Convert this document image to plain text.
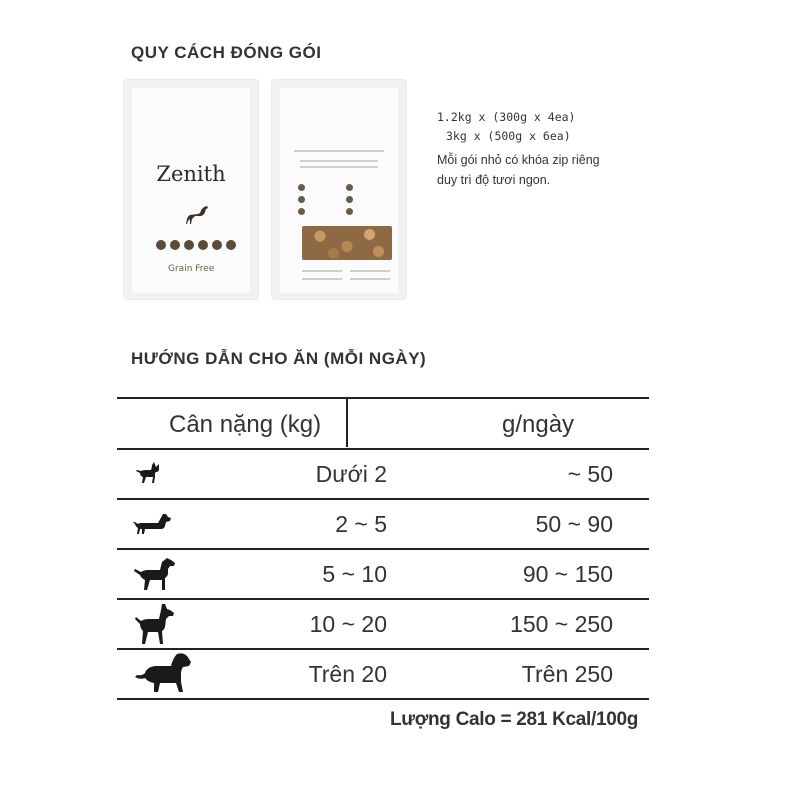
QUY CÁCH ĐÓNG GÓI
Zenith
Grain Free
1.2kg x (300g x 4ea)
3kg x (500g x 6ea)
Mỗi gói nhỏ có khóa zip riêng
duy trì độ tươi ngon.
HƯỚNG DẪN CHO ĂN (MỖI NGÀY)
Cân nặng (kg)	g/ngày
Dưới 2	~ 50
2 ~ 5	50 ~ 90
5 ~ 10	90 ~ 150
10 ~ 20	150 ~ 250
Trên 20	Trên 250
Lượng Calo = 281 Kcal/100g
